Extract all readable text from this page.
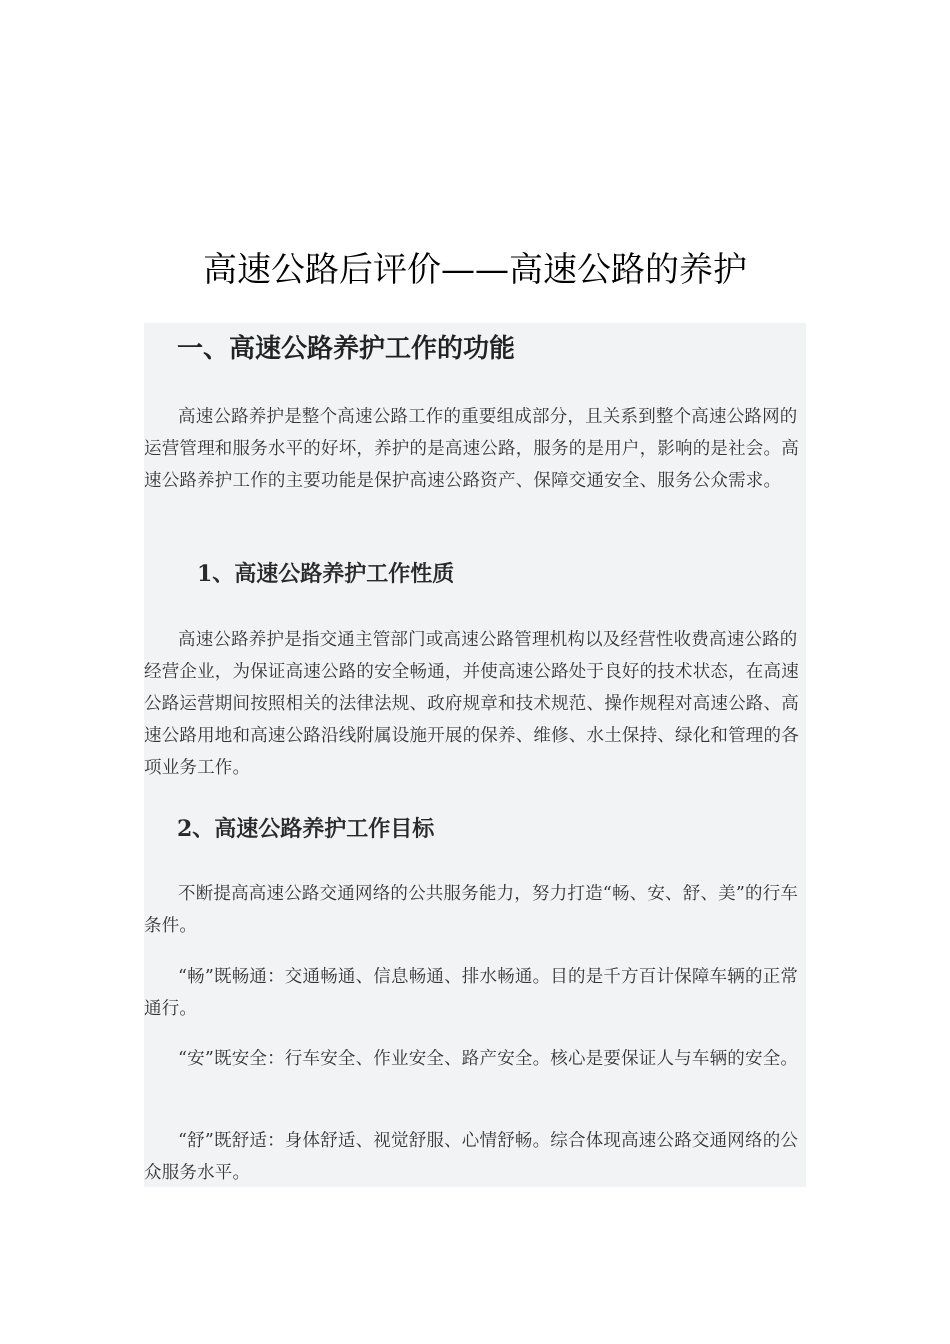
高速公路后评价——高速公路的养护
一、高速公路养护工作的功能

高速公路养护是整个高速公路工作的重要组成部分，且关系到整个高速公路网的运营管理和服务水平的好坏，养护的是高速公路，服务的是用户，影响的是社会。高速公路养护工作的主要功能是保护高速公路资产、保障交通安全、服务公众需求。

1、高速公路养护工作性质

高速公路养护是指交通主管部门或高速公路管理机构以及经营性收费高速公路的经营企业，为保证高速公路的安全畅通，并使高速公路处于良好的技术状态，在高速公路运营期间按照相关的法律法规、政府规章和技术规范、操作规程对高速公路、高速公路用地和高速公路沿线附属设施开展的保养、维修、水土保持、绿化和管理的各项业务工作。

2、高速公路养护工作目标

不断提高高速公路交通网络的公共服务能力，努力打造“畅、安、舒、美”的行车条件。

“畅”既畅通：交通畅通、信息畅通、排水畅通。目的是千方百计保障车辆的正常通行。

“安”既安全：行车安全、作业安全、路产安全。核心是要保证人与车辆的安全。

“舒”既舒适：身体舒适、视觉舒服、心情舒畅。综合体现高速公路交通网络的公众服务水平。
